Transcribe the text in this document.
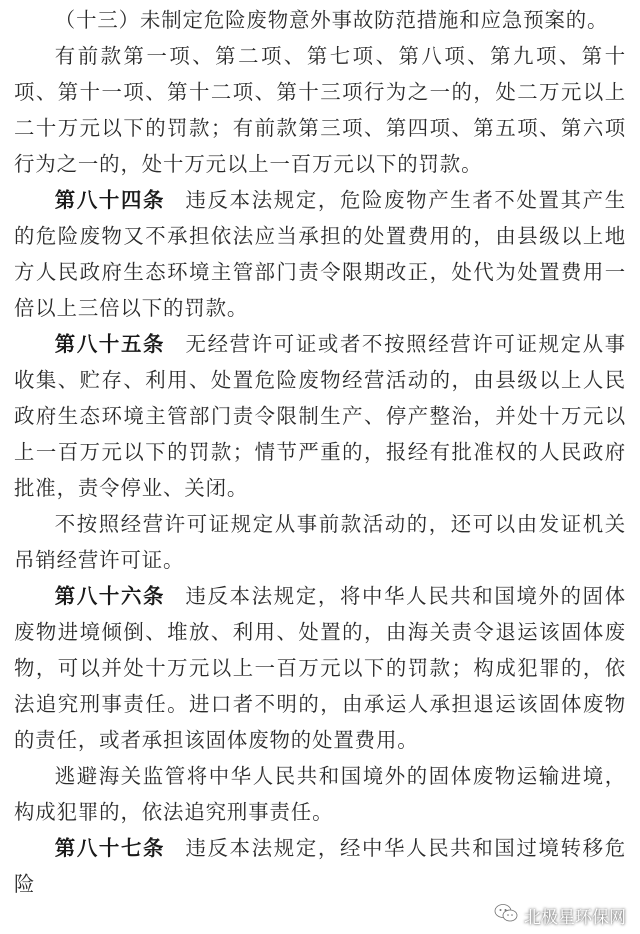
（十三）未制定危险废物意外事故防范措施和应急预案的。

有前款第一项、第二项、第七项、第八项、第九项、第十项、第十一项、第十二项、第十三项行为之一的，处二万元以上二十万元以下的罚款；有前款第三项、第四项、第五项、第六项行为之一的，处十万元以上一百万元以下的罚款。

第八十四条 违反本法规定，危险废物产生者不处置其产生的危险废物又不承担依法应当承担的处置费用的，由县级以上地方人民政府生态环境主管部门责令限期改正，处代为处置费用一倍以上三倍以下的罚款。

第八十五条 无经营许可证或者不按照经营许可证规定从事收集、贮存、利用、处置危险废物经营活动的，由县级以上人民政府生态环境主管部门责令限制生产、停产整治，并处十万元以上一百万元以下的罚款；情节严重的，报经有批准权的人民政府批准，责令停业、关闭。

不按照经营许可证规定从事前款活动的，还可以由发证机关吊销经营许可证。

第八十六条 违反本法规定，将中华人民共和国境外的固体废物进境倾倒、堆放、利用、处置的，由海关责令退运该固体废物，可以并处十万元以上一百万元以下的罚款；构成犯罪的，依法追究刑事责任。进口者不明的，由承运人承担退运该固体废物的责任，或者承担该固体废物的处置费用。

逃避海关监管将中华人民共和国境外的固体废物运输进境，构成犯罪的，依法追究刑事责任。

第八十七条 违反本法规定，经中华人民共和国过境转移危险

北极星环保网
